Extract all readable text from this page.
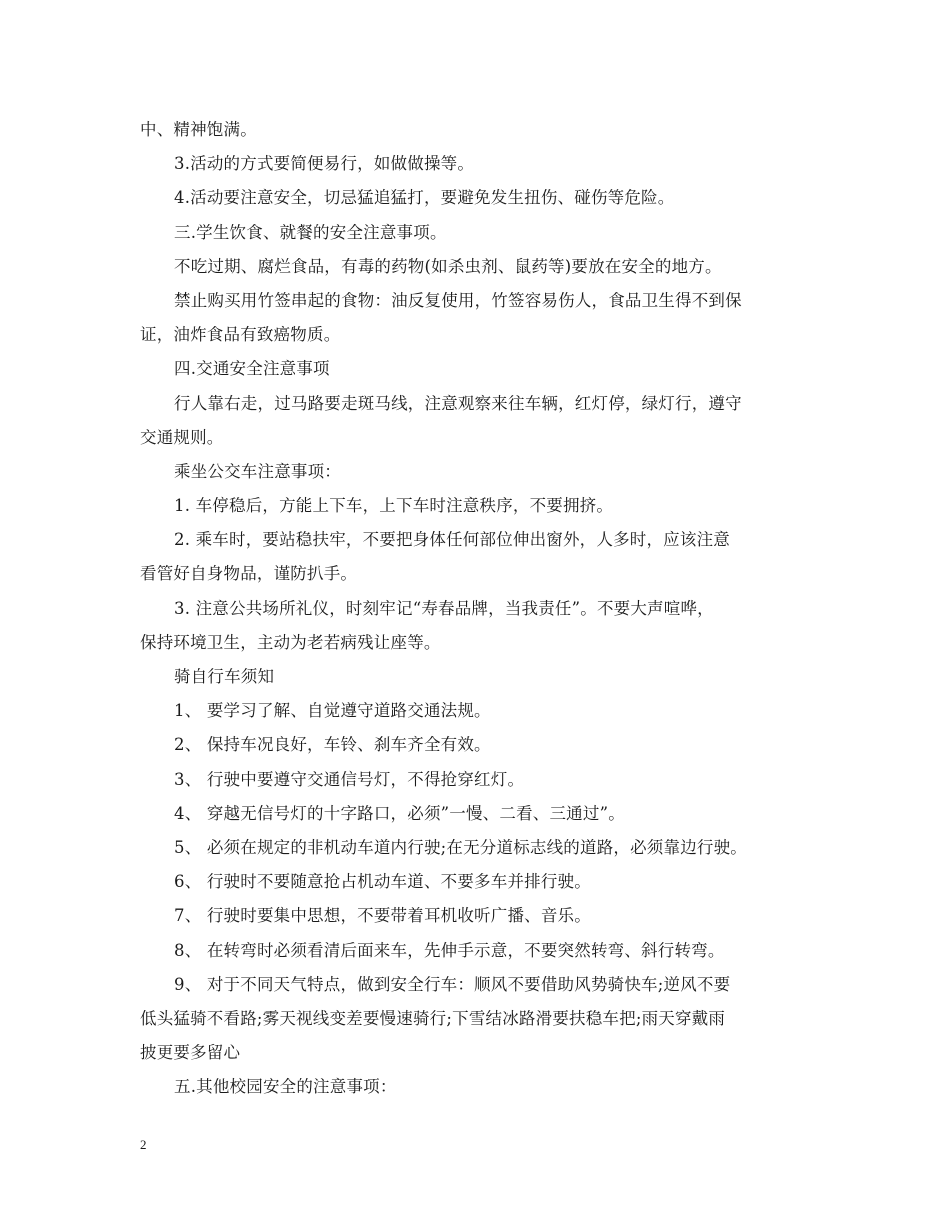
中、精神饱满。
3.活动的方式要简便易行，如做做操等。
4.活动要注意安全，切忌猛追猛打，要避免发生扭伤、碰伤等危险。
三.学生饮食、就餐的安全注意事项。
不吃过期、腐烂食品，有毒的药物(如杀虫剂、鼠药等)要放在安全的地方。
禁止购买用竹签串起的食物：油反复使用，竹签容易伤人，食品卫生得不到保
证，油炸食品有致癌物质。
四.交通安全注意事项
行人靠右走，过马路要走斑马线，注意观察来往车辆，红灯停，绿灯行，遵守
交通规则。
乘坐公交车注意事项：
1. 车停稳后，方能上下车，上下车时注意秩序，不要拥挤。
2. 乘车时，要站稳扶牢，不要把身体任何部位伸出窗外，人多时，应该注意
看管好自身物品，谨防扒手。
3. 注意公共场所礼仪，时刻牢记“寿春品牌，当我责任”。不要大声喧哗，
保持环境卫生，主动为老若病残让座等。
骑自行车须知
1、 要学习了解、自觉遵守道路交通法规。
2、 保持车况良好，车铃、刹车齐全有效。
3、 行驶中要遵守交通信号灯，不得抢穿红灯。
4、 穿越无信号灯的十字路口，必须”一慢、二看、三通过”。
5、 必须在规定的非机动车道内行驶;在无分道标志线的道路，必须靠边行驶。
6、 行驶时不要随意抢占机动车道、不要多车并排行驶。
7、 行驶时要集中思想，不要带着耳机收听广播、音乐。
8、 在转弯时必须看清后面来车，先伸手示意，不要突然转弯、斜行转弯。
9、 对于不同天气特点，做到安全行车：顺风不要借助风势骑快车;逆风不要
低头猛骑不看路;雾天视线变差要慢速骑行;下雪结冰路滑要扶稳车把;雨天穿戴雨
披更要多留心
五.其他校园安全的注意事项：
2
